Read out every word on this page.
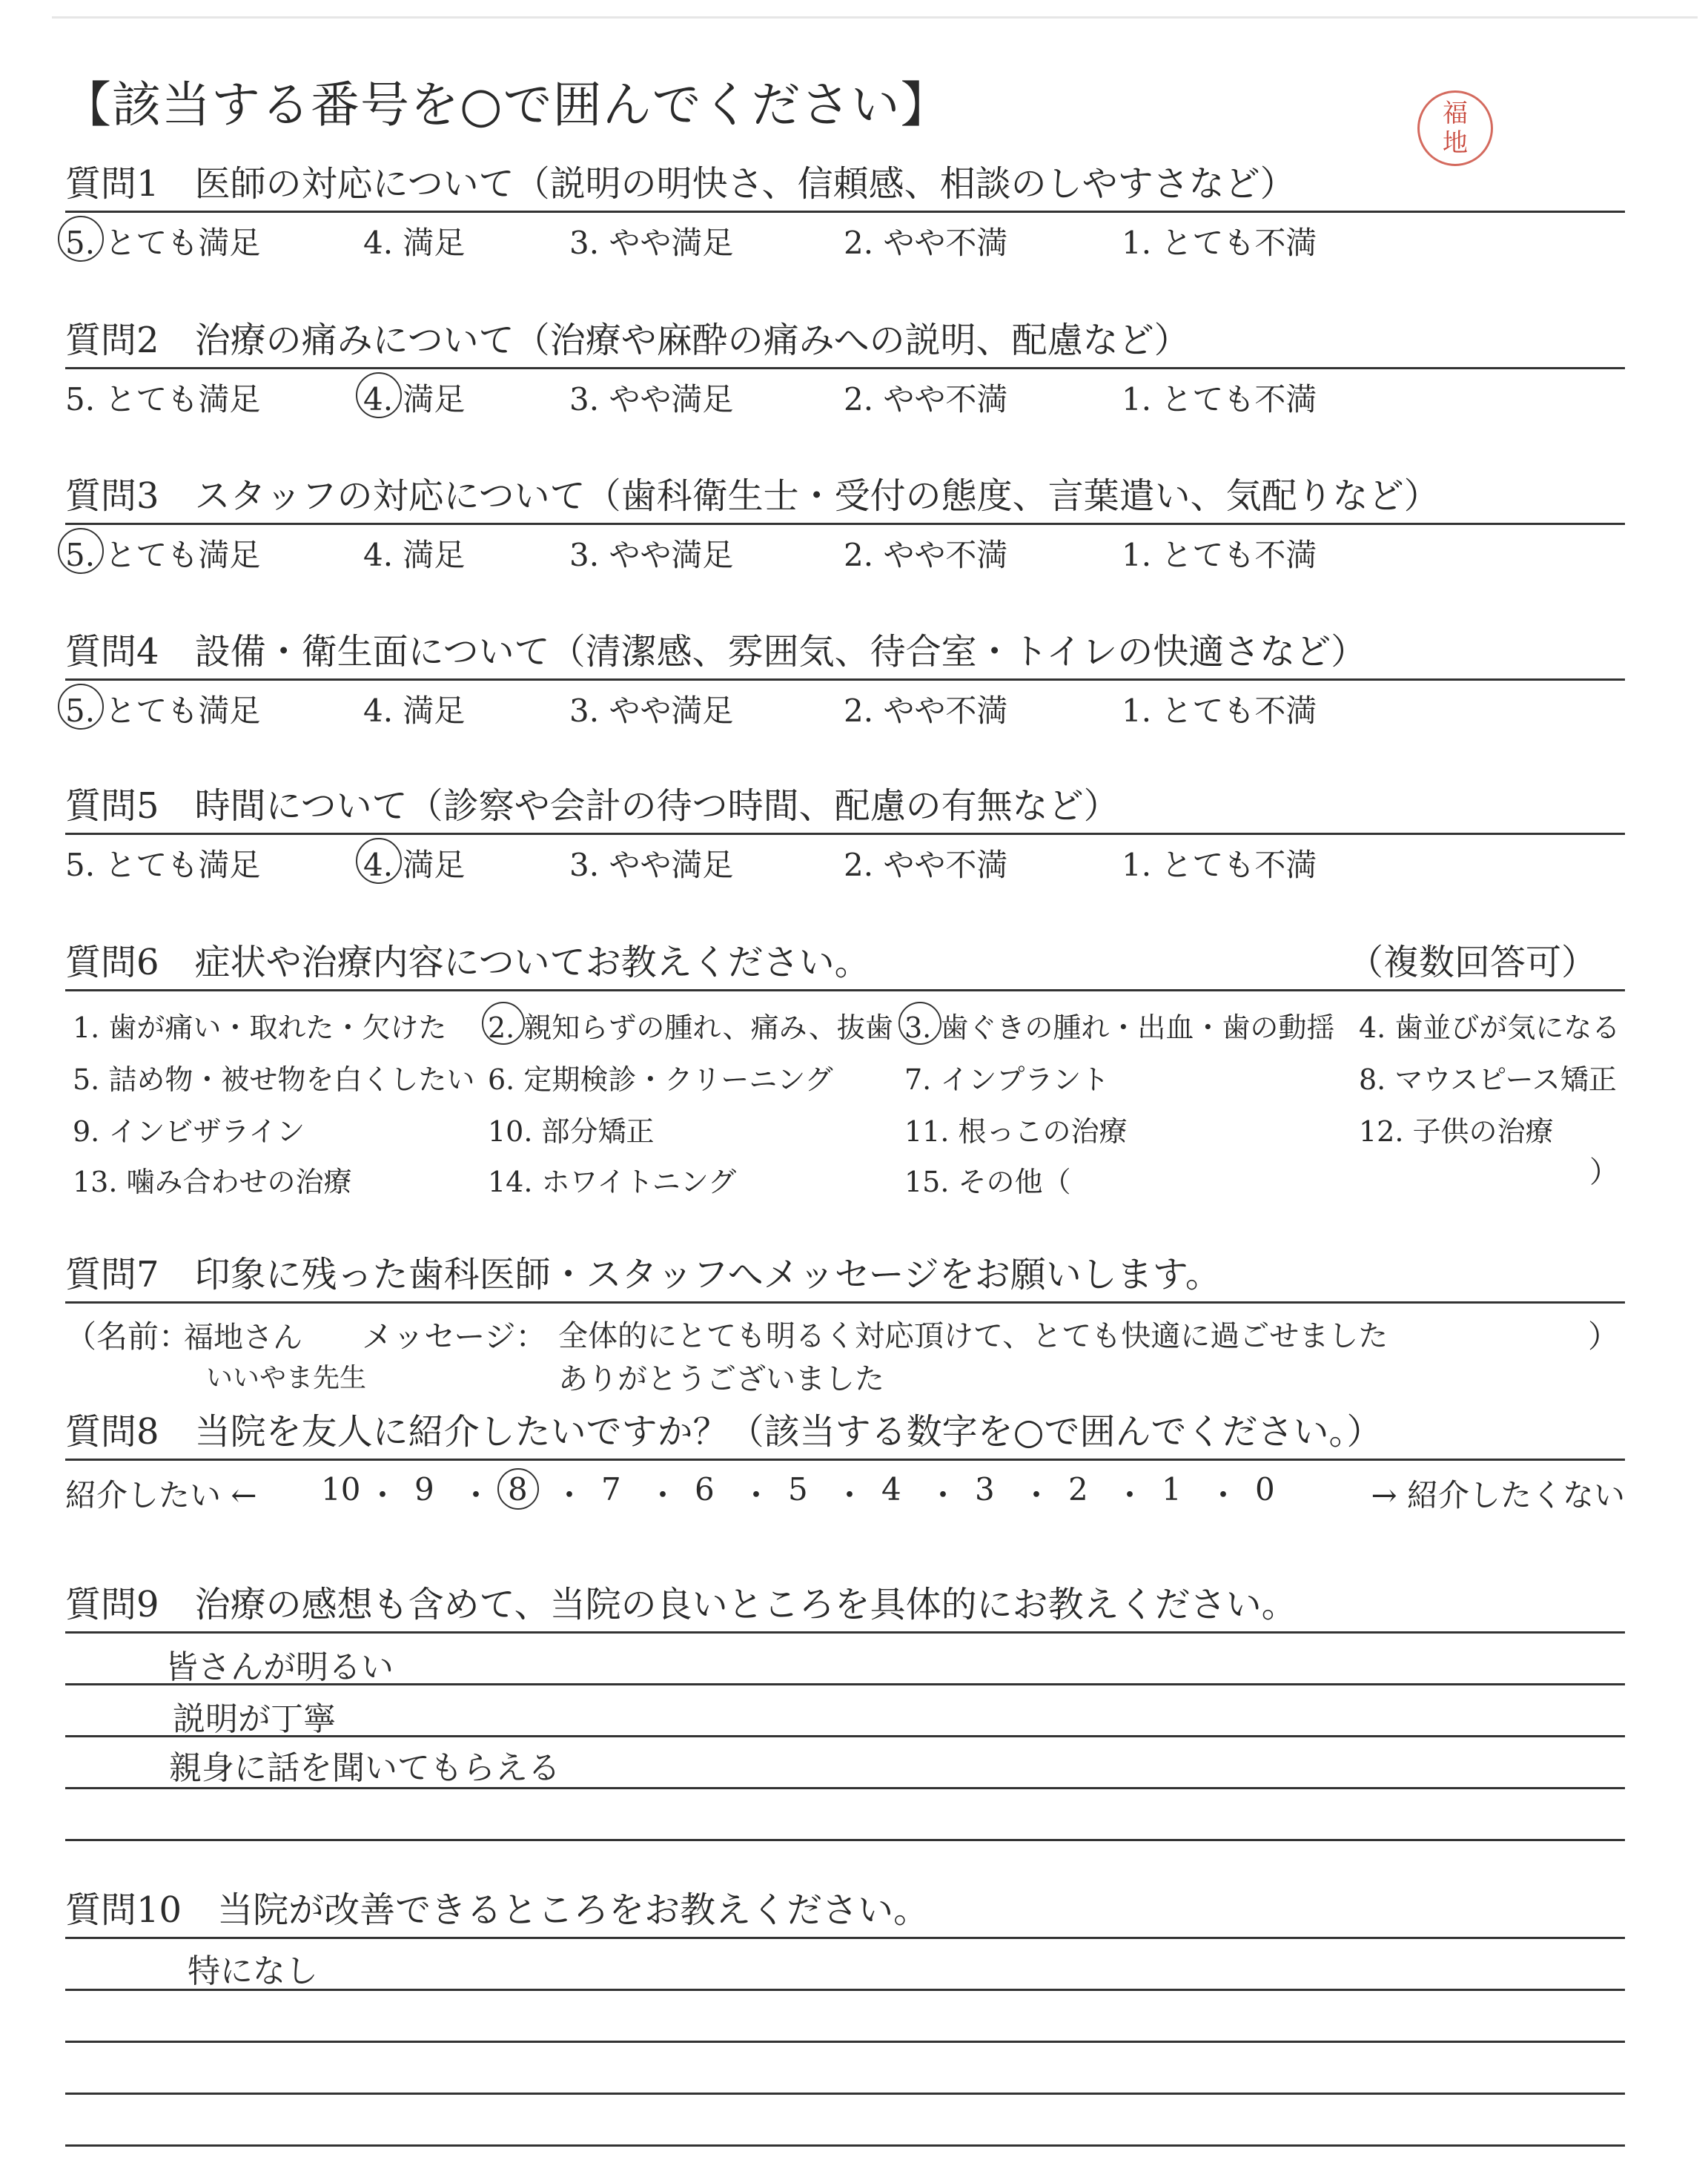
【該当する番号を○で囲んでください】	福
地
質問1　 医師の対応について（説明の明快さ、信頼感、相談のしやすさなど）
5. とても満足	4. 満足	3. やや満足	2. やや不満	1. とても不満
質問2　 治療の痛みについて（治療や麻酔の痛みへの説明、配慮など）
5. とても満足	4. 満足	3. やや満足	2. やや不満	1. とても不満
質問3　 スタッフの対応について（歯科衛生士・受付の態度、言葉遣い、気配りなど）
5. とても満足	4. 満足	3. やや満足	2. やや不満	1. とても不満
質問4　 設備・衛生面について（清潔感、雰囲気、待合室・トイレの快適さなど）
5. とても満足	4. 満足	3. やや満足	2. やや不満	1. とても不満
質問5　 時間について（診察や会計の待つ時間、配慮の有無など）
5. とても満足	4. 満足	3. やや満足	2. やや不満	1. とても不満
質問6　 症状や治療内容についてお教えください。	（複数回答可）
）
1. 歯が痛い・取れた・欠けた 2. 親知らずの腫れ、痛み、抜歯 3. 歯ぐきの腫れ・出血・歯の動揺 4. 歯並びが気になる
5. 詰め物・被せ物を白くしたい 6. 定期検診・クリーニング	7. インプラント	8. マウスピース矯正
9. インビザライン	10. 部分矯正	11. 根っこの治療	12. 子供の治療
13. 噛み合わせの治療	14. ホワイトニング	15. その他（
質問7　 印象に残った歯科医師・スタッフへメッセージをお願いします。
（名前：
福地さん
いいやま先生
メッセージ： 全体的にとても明るく対応頂けて、とても快適に過ごせました
ありがとうございました
）
質問8　 当院を友人に紹介したいですか？（該当する数字を○で囲んでください。）
紹介したい ←	→ 紹介したくない
10 ・ 9 ・ 8 ・ 7 ・ 6 ・ 5 ・ 4 ・ 3 ・ 2 ・ 1 ・ 0
質問9　 治療の感想も含めて、当院の良いところを具体的にお教えください。
皆さんが明るい
説明が丁寧
親身に話を聞いてもらえる
質問10　 当院が改善できるところをお教えください。
特になし
